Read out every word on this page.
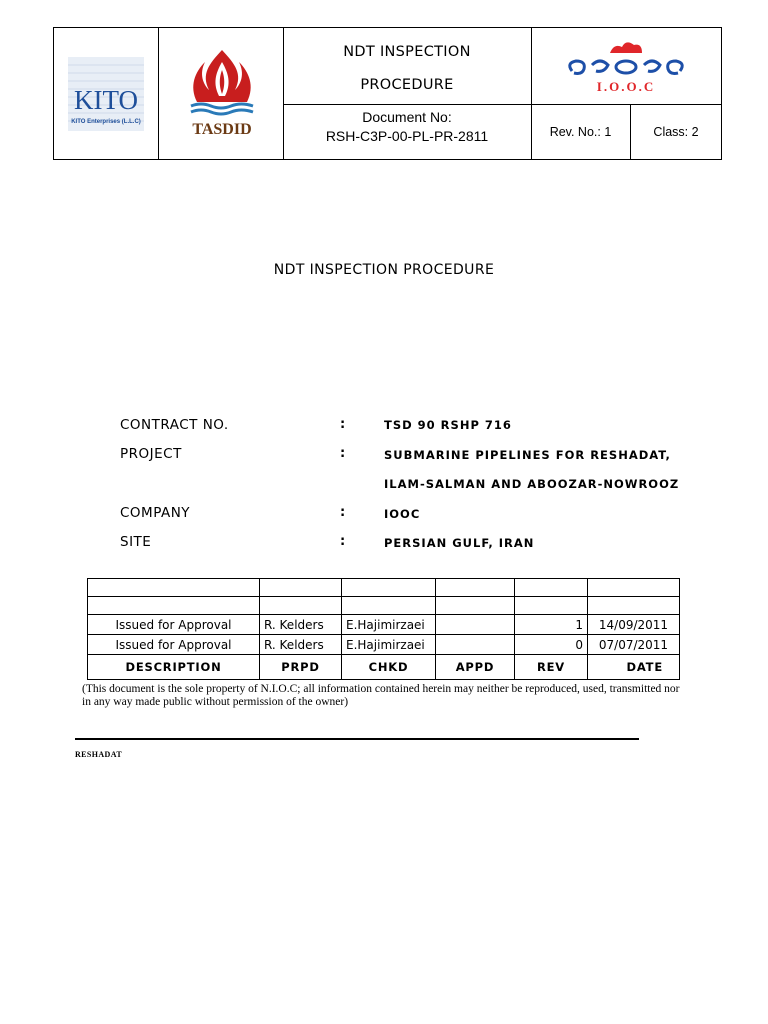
KITO
KITO Enterprises (L.L.C)	TASDID
NDT INSPECTION
PROCEDURE
Document No:
RSH-C3P-00-PL-PR-2811	Rev. No.: 1	Class: 2
I.O.O.C
NDT INSPECTION PROCEDURE
CONTRACT NO.	:	TSD 90 RSHP 716
PROJECT	:	SUBMARINE PIPELINES FOR RESHADAT,
ILAM-SALMAN AND ABOOZAR-NOWROOZ
COMPANY	:	IOOC
SITE	:	PERSIAN GULF, IRAN

Issued for Approval	R. Kelders	E.Hajimirzaei		1	14/09/2011
Issued for Approval	R. Kelders	E.Hajimirzaei		0	07/07/2011
DESCRIPTION	PRPD	CHKD	APPD	REV	DATE
(This document is the sole property of N.I.O.C; all information contained herein may neither be reproduced, used, transmitted nor in any way made public without permission of the owner)
RESHADAT
